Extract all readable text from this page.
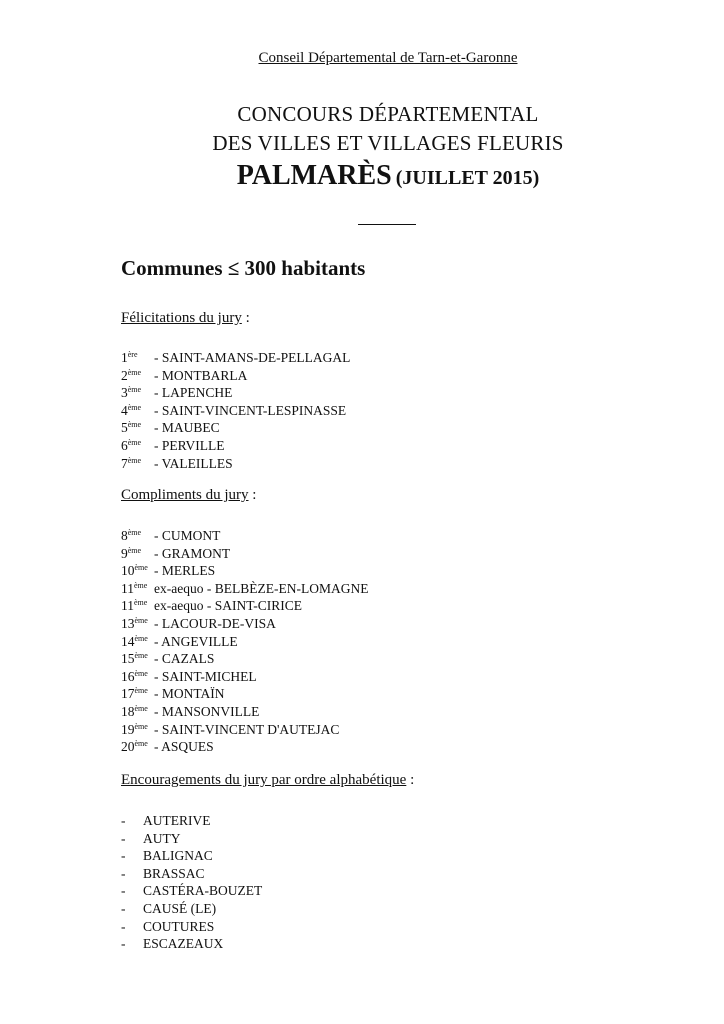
Conseil Départemental de Tarn-et-Garonne
CONCOURS DÉPARTEMENTAL
DES VILLES ET VILLAGES FLEURIS
PALMARÈS (JUILLET 2015)
Communes ≤ 300 habitants
Félicitations du jury :
1ère - SAINT-AMANS-DE-PELLAGAL
2ème - MONTBARLA
3ème - LAPENCHE
4ème - SAINT-VINCENT-LESPINASSE
5ème - MAUBEC
6ème - PERVILLE
7ème - VALEILLES
Compliments du jury :
8ème - CUMONT
9ème - GRAMONT
10ème - MERLES
11ème ex-aequo - BELBÈZE-EN-LOMAGNE
11ème ex-aequo - SAINT-CIRICE
13ème - LACOUR-DE-VISA
14ème - ANGEVILLE
15ème - CAZALS
16ème - SAINT-MICHEL
17ème - MONTAÏN
18ème - MANSONVILLE
19ème - SAINT-VINCENT D'AUTEJAC
20ème - ASQUES
Encouragements du jury par ordre alphabétique :
- AUTERIVE
- AUTY
- BALIGNAC
- BRASSAC
- CASTÉRA-BOUZET
- CAUSÉ (LE)
- COUTURES
- ESCAZEAUX
